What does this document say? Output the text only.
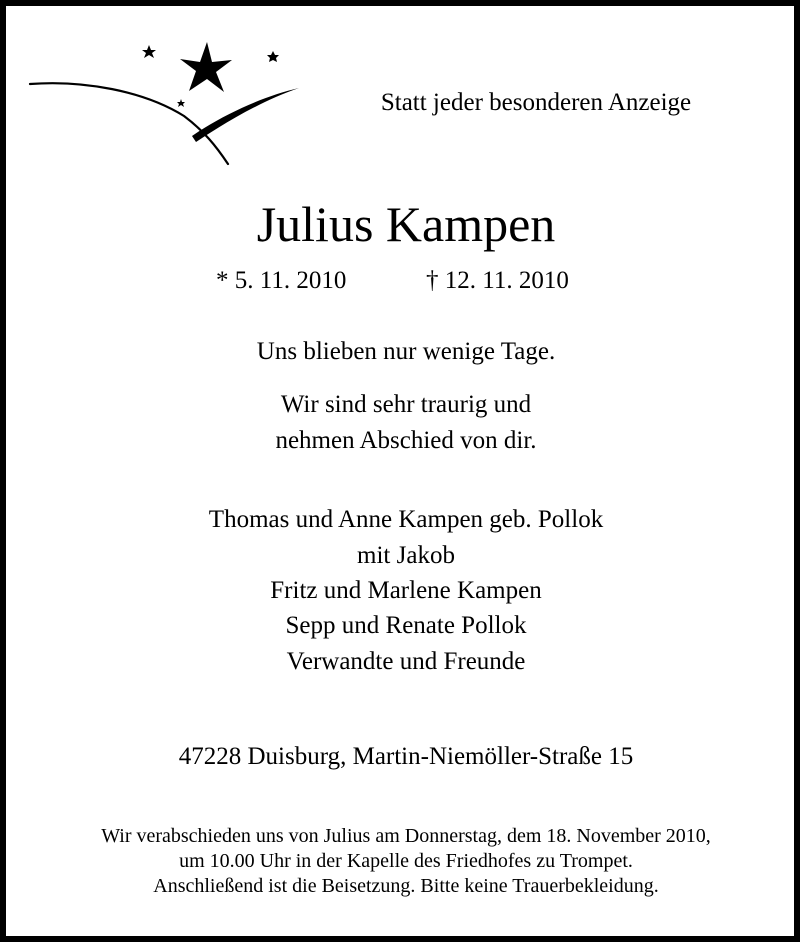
Statt jeder besonderen Anzeige
Julius Kampen
* 5. 11. 2010	† 12. 11. 2010
Uns blieben nur wenige Tage.
Wir sind sehr traurig und
nehmen Abschied von dir.
Thomas und Anne Kampen geb. Pollok
mit Jakob
Fritz und Marlene Kampen
Sepp und Renate Pollok
Verwandte und Freunde
47228 Duisburg, Martin-Niemöller-Straße 15
Wir verabschieden uns von Julius am Donnerstag, dem 18. November 2010,
um 10.00 Uhr in der Kapelle des Friedhofes zu Trompet.
Anschließend ist die Beisetzung. Bitte keine Trauerbekleidung.
